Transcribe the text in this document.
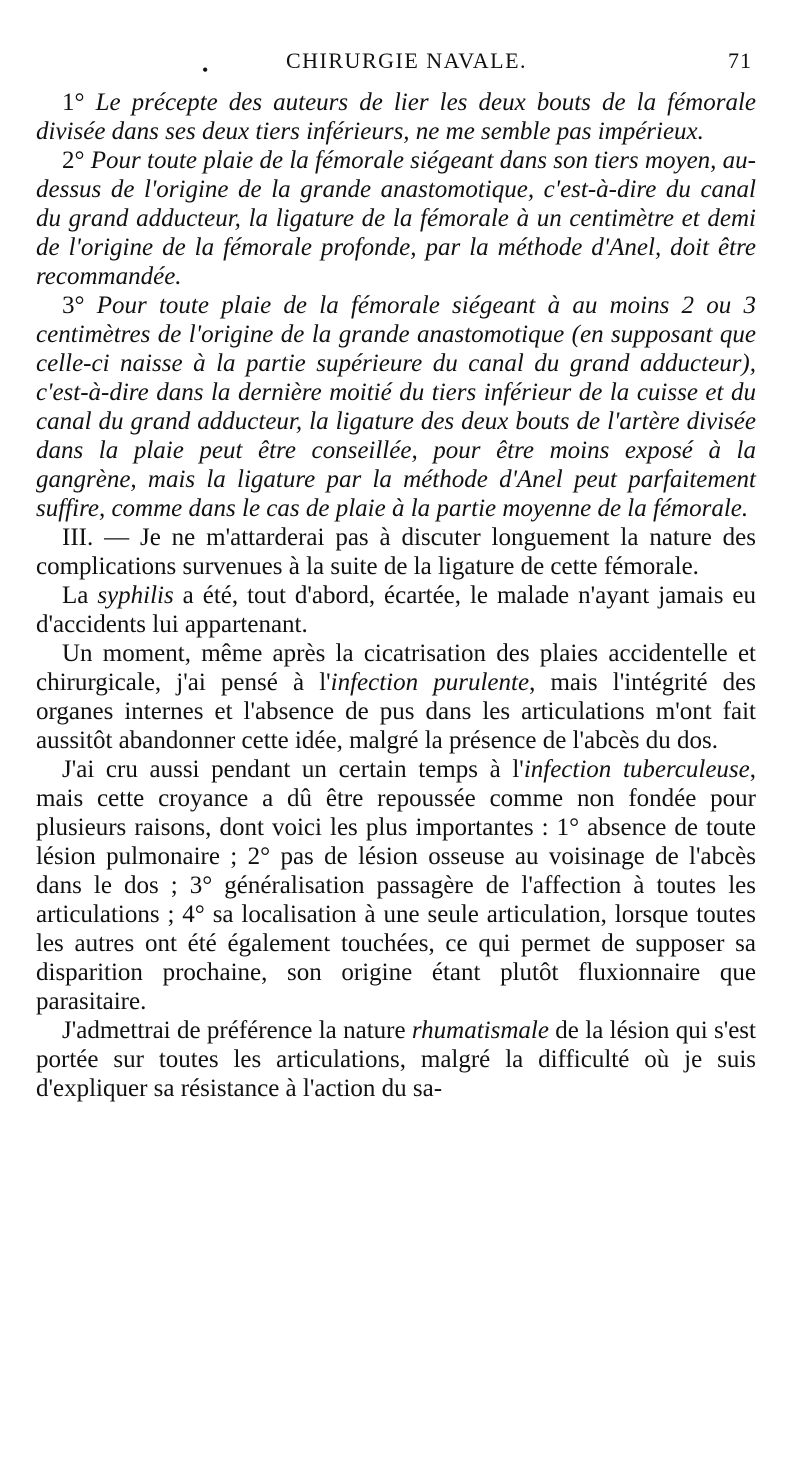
•	CHIRURGIE NAVALE.	71

1° Le précepte des auteurs de lier les deux bouts de la fémorale divisée dans ses deux tiers inférieurs, ne me semble pas impérieux.

2° Pour toute plaie de la fémorale siégeant dans son tiers moyen, au-dessus de l'origine de la grande anastomotique, c'est-à-dire du canal du grand adducteur, la ligature de la fémorale à un centimètre et demi de l'origine de la fémorale profonde, par la méthode d'Anel, doit être recommandée.

3° Pour toute plaie de la fémorale siégeant à au moins 2 ou 3 centimètres de l'origine de la grande anastomotique (en supposant que celle-ci naisse à la partie supérieure du canal du grand adducteur), c'est-à-dire dans la dernière moitié du tiers inférieur de la cuisse et du canal du grand adducteur, la ligature des deux bouts de l'artère divisée dans la plaie peut être conseillée, pour être moins exposé à la gangrène, mais la ligature par la méthode d'Anel peut parfaitement suffire, comme dans le cas de plaie à la partie moyenne de la fémorale.

III. — Je ne m'attarderai pas à discuter longuement la nature des complications survenues à la suite de la ligature de cette fémorale.

La syphilis a été, tout d'abord, écartée, le malade n'ayant jamais eu d'accidents lui appartenant.

Un moment, même après la cicatrisation des plaies accidentelle et chirurgicale, j'ai pensé à l'infection purulente, mais l'intégrité des organes internes et l'absence de pus dans les articulations m'ont fait aussitôt abandonner cette idée, malgré la présence de l'abcès du dos.

J'ai cru aussi pendant un certain temps à l'infection tuberculeuse, mais cette croyance a dû être repoussée comme non fondée pour plusieurs raisons, dont voici les plus importantes : 1° absence de toute lésion pulmonaire ; 2° pas de lésion osseuse au voisinage de l'abcès dans le dos ; 3° généralisation passagère de l'affection à toutes les articulations ; 4° sa localisation à une seule articulation, lorsque toutes les autres ont été également touchées, ce qui permet de supposer sa disparition prochaine, son origine étant plutôt fluxionnaire que parasitaire.

J'admettrai de préférence la nature rhumatismale de la lésion qui s'est portée sur toutes les articulations, malgré la difficulté où je suis d'expliquer sa résistance à l'action du sa-
